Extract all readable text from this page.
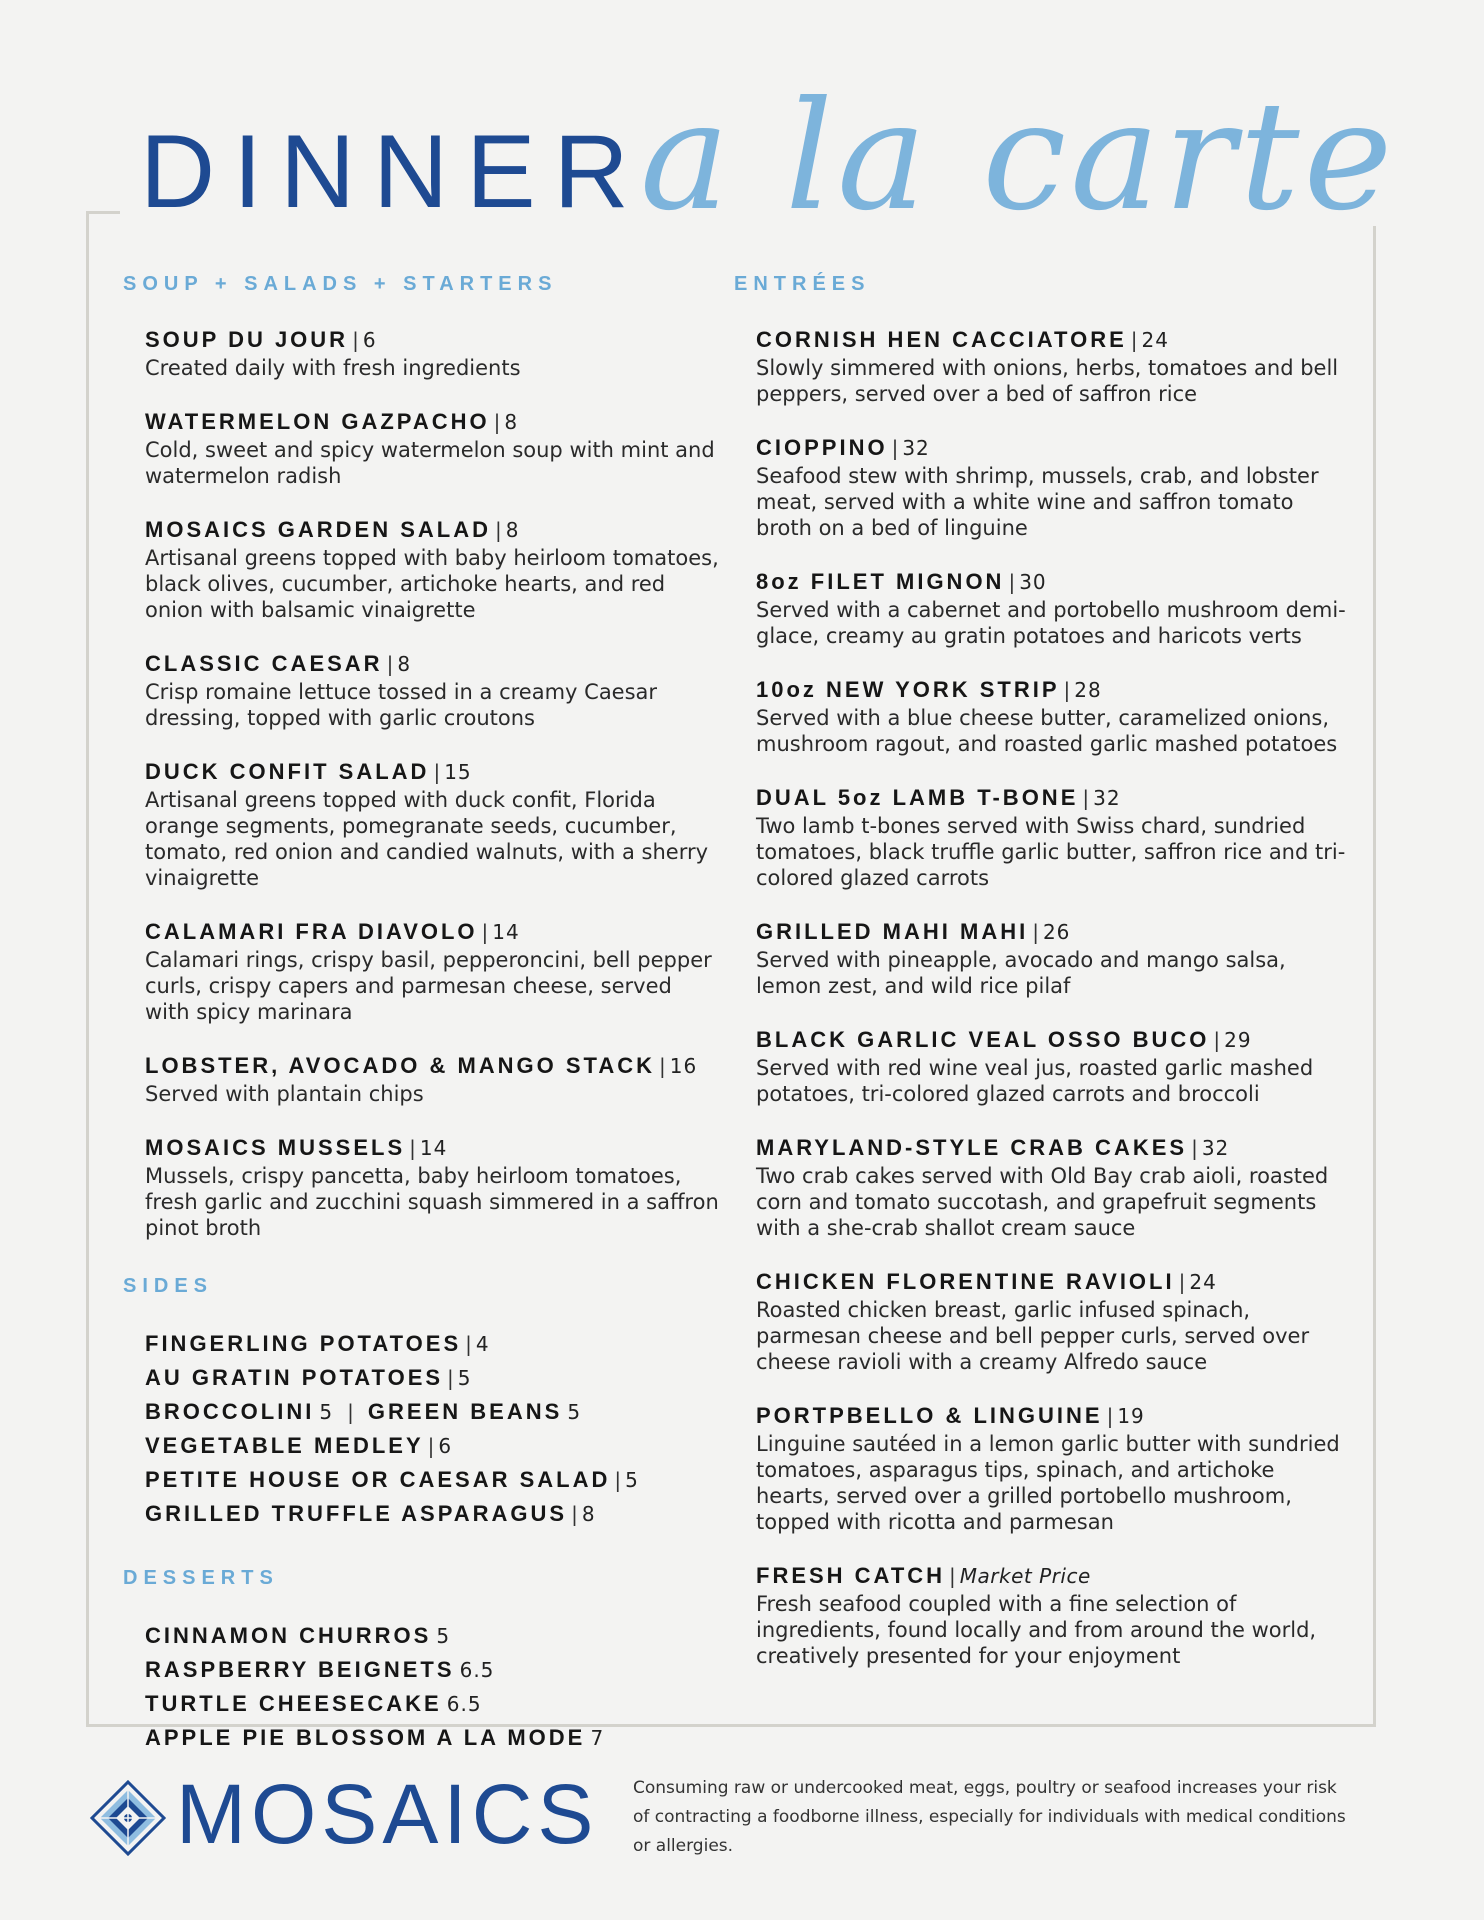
DINNER
a la carte
SOUP + SALADS + STARTERS
SOUP DU JOUR | 6
Created daily with fresh ingredients
WATERMELON GAZPACHO | 8
Cold, sweet and spicy watermelon soup with mint and watermelon radish
MOSAICS GARDEN SALAD | 8
Artisanal greens topped with baby heirloom tomatoes, black olives, cucumber, artichoke hearts, and red onion with balsamic vinaigrette
CLASSIC CAESAR | 8
Crisp romaine lettuce tossed in a creamy Caesar dressing, topped with garlic croutons
DUCK CONFIT SALAD | 15
Artisanal greens topped with duck confit, Florida orange segments, pomegranate seeds, cucumber, tomato, red onion and candied walnuts, with a sherry vinaigrette
CALAMARI FRA DIAVOLO | 14
Calamari rings, crispy basil, pepperoncini, bell pepper curls, crispy capers and parmesan cheese, served with spicy marinara
LOBSTER, AVOCADO & MANGO STACK | 16
Served with plantain chips
MOSAICS MUSSELS | 14
Mussels, crispy pancetta, baby heirloom tomatoes, fresh garlic and zucchini squash simmered in a saffron pinot broth
SIDES
FINGERLING POTATOES | 4
AU GRATIN POTATOES | 5
BROCCOLINI 5 | GREEN BEANS 5
VEGETABLE MEDLEY | 6
PETITE HOUSE OR CAESAR SALAD | 5
GRILLED TRUFFLE ASPARAGUS | 8
DESSERTS
CINNAMON CHURROS 5
RASPBERRY BEIGNETS 6.5
TURTLE CHEESECAKE 6.5
APPLE PIE BLOSSOM A LA MODE 7
ENTRÉES
CORNISH HEN CACCIATORE | 24
Slowly simmered with onions, herbs, tomatoes and bell peppers, served over a bed of saffron rice
CIOPPINO | 32
Seafood stew with shrimp, mussels, crab, and lobster meat, served with a white wine and saffron tomato broth on a bed of linguine
8oz FILET MIGNON | 30
Served with a cabernet and portobello mushroom demi-glace, creamy au gratin potatoes and haricots verts
10oz NEW YORK STRIP | 28
Served with a blue cheese butter, caramelized onions, mushroom ragout, and roasted garlic mashed potatoes
DUAL 5oz LAMB T-BONE | 32
Two lamb t-bones served with Swiss chard, sundried tomatoes, black truffle garlic butter, saffron rice and tri-colored glazed carrots
GRILLED MAHI MAHI | 26
Served with pineapple, avocado and mango salsa, lemon zest, and wild rice pilaf
BLACK GARLIC VEAL OSSO BUCO | 29
Served with red wine veal jus, roasted garlic mashed potatoes, tri-colored glazed carrots and broccoli
MARYLAND-STYLE CRAB CAKES | 32
Two crab cakes served with Old Bay crab aioli, roasted corn and tomato succotash, and grapefruit segments with a she-crab shallot cream sauce
CHICKEN FLORENTINE RAVIOLI | 24
Roasted chicken breast, garlic infused spinach, parmesan cheese and bell pepper curls, served over cheese ravioli with a creamy Alfredo sauce
PORTPBELLO & LINGUINE | 19
Linguine sautéed in a lemon garlic butter with sundried tomatoes, asparagus tips, spinach, and artichoke hearts, served over a grilled portobello mushroom, topped with ricotta and parmesan
FRESH CATCH | Market Price
Fresh seafood coupled with a fine selection of ingredients, found locally and from around the world, creatively presented for your enjoyment
MOSAICS Consuming raw or undercooked meat, eggs, poultry or seafood increases your risk of contracting a foodborne illness, especially for individuals with medical conditions or allergies.
